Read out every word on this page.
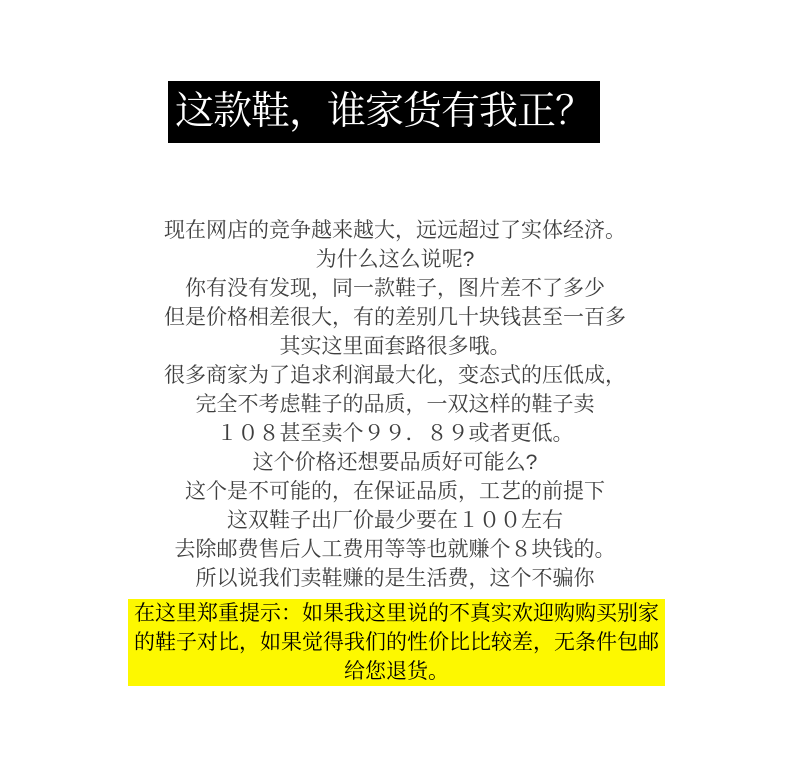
这款鞋，谁家货有我正？
现在网店的竞争越来越大，远远超过了实体经济。
为什么这么说呢?
你有没有发现，同一款鞋子，图片差不了多少
但是价格相差很大，有的差别几十块钱甚至一百多
其实这里面套路很多哦。
很多商家为了追求利润最大化，变态式的压低成，
完全不考虑鞋子的品质，一双这样的鞋子卖
１０８甚至卖个９９．８９或者更低。
这个价格还想要品质好可能么?
这个是不可能的，在保证品质，工艺的前提下
这双鞋子出厂价最少要在１００左右
去除邮费售后人工费用等等也就赚个８块钱的。
所以说我们卖鞋赚的是生活费，这个不骗你
在这里郑重提示：如果我这里说的不真实欢迎购购买别家
的鞋子对比，如果觉得我们的性价比比较差，无条件包邮
给您退货。
